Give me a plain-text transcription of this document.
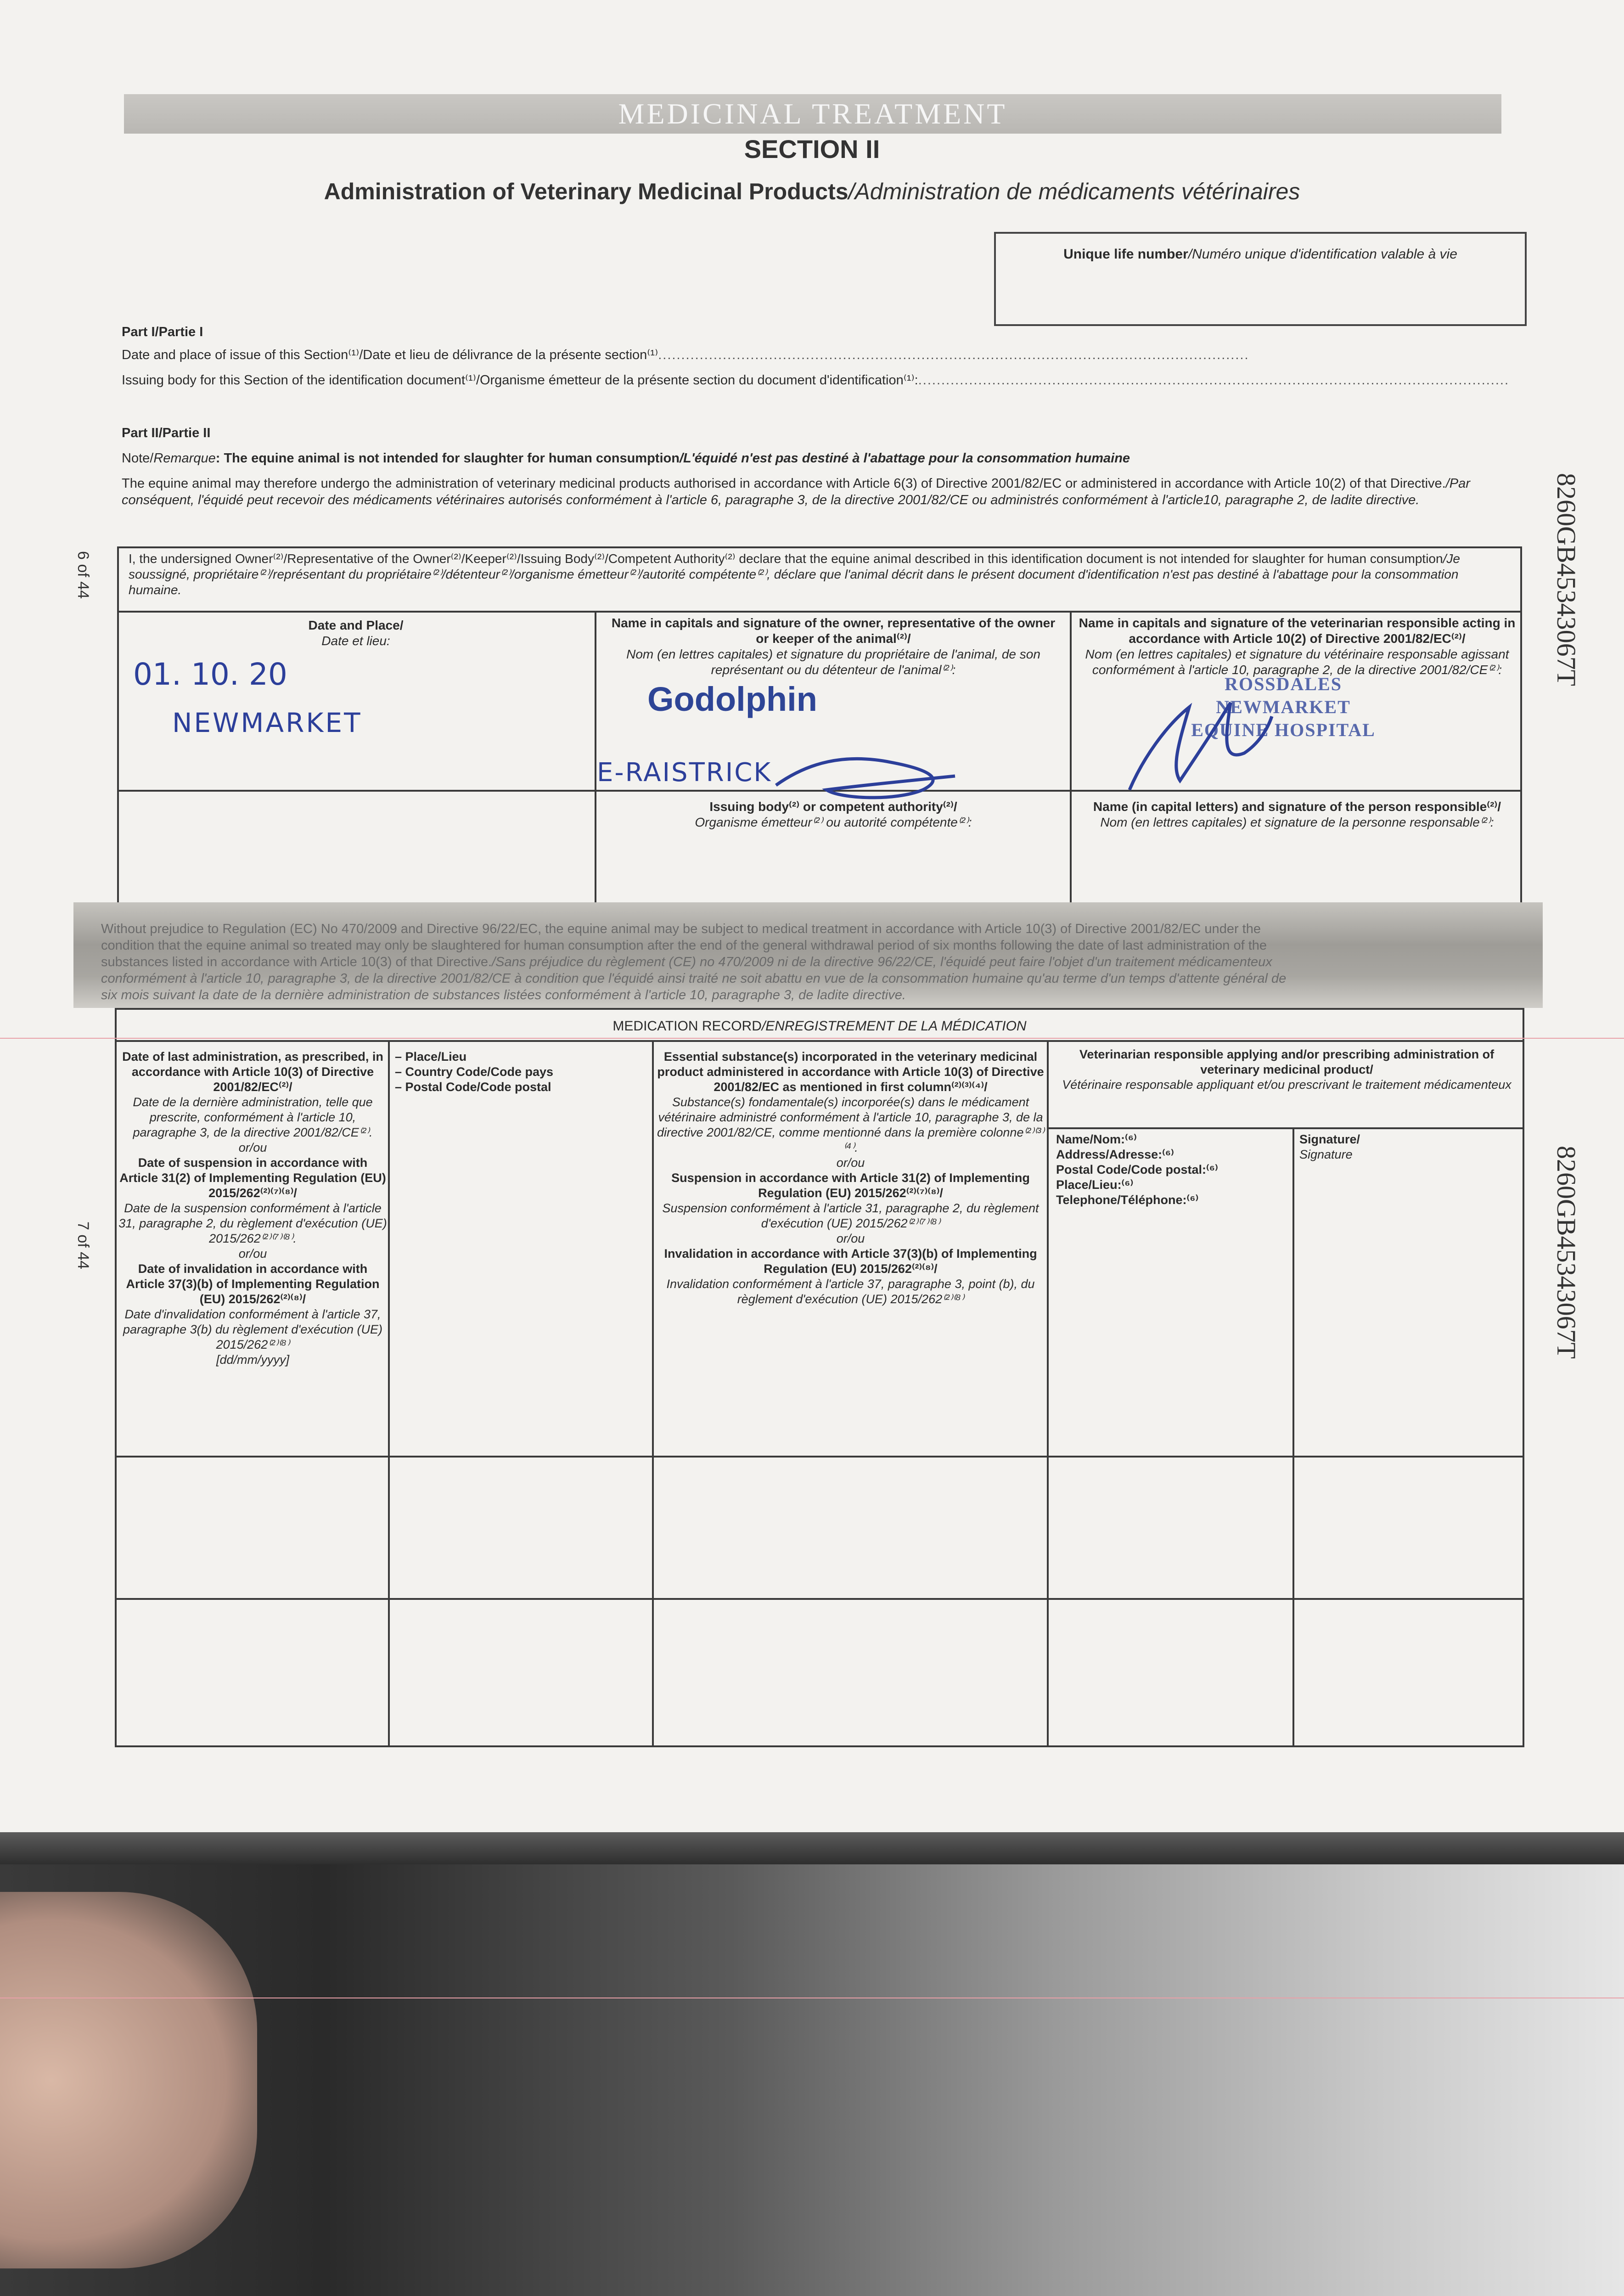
MEDICINAL TREATMENT
SECTION II
Administration of Veterinary Medicinal Products/Administration de médicaments vétérinaires
Unique life number/Numéro unique d'identification valable à vie
Part I/Partie I
Date and place of issue of this Section⁽¹⁾/Date et lieu de délivrance de la présente section⁽¹⁾................................................................................................................................
Issuing body for this Section of the identification document⁽¹⁾/Organisme émetteur de la présente section du document d'identification⁽¹⁾:................................................................................................................................
Part II/Partie II
Note/Remarque: The equine animal is not intended for slaughter for human consumption/L'équidé n'est pas destiné à l'abattage pour la consommation humaine
The equine animal may therefore undergo the administration of veterinary medicinal products authorised in accordance with Article 6(3) of Directive 2001/82/EC or administered in accordance with Article 10(2) of that Directive./Par conséquent, l'équidé peut recevoir des médicaments vétérinaires autorisés conformément à l'article 6, paragraphe 3, de la directive 2001/82/CE ou administrés conformément à l'article10, paragraphe 2, de ladite directive.
I, the undersigned Owner⁽²⁾/Representative of the Owner⁽²⁾/Keeper⁽²⁾/Issuing Body⁽²⁾/Competent Authority⁽²⁾ declare that the equine animal described in this identification document is not intended for slaughter for human consumption/Je soussigné, propriétaire⁽²⁾/représentant du propriétaire⁽²⁾/détenteur⁽²⁾/organisme émetteur⁽²⁾/autorité compétente⁽²⁾, déclare que l'animal décrit dans le présent document d'identification n'est pas destiné à l'abattage pour la consommation humaine.
Date and Place/
Date et lieu:
Name in capitals and signature of the owner, representative of the owner or keeper of the animal⁽²⁾/
Nom (en lettres capitales) et signature du propriétaire de l'animal, de son représentant ou du détenteur de l'animal⁽²⁾:
Name in capitals and signature of the veterinarian responsible acting in accordance with Article 10(2) of Directive 2001/82/EC⁽²⁾/
Nom (en lettres capitales) et signature du vétérinaire responsable agissant conformément à l'article 10, paragraphe 2, de la directive 2001/82/CE⁽²⁾:
Issuing body⁽²⁾ or competent authority⁽²⁾/
Organisme émetteur⁽²⁾ ou autorité compétente⁽²⁾:
Name (in capital letters) and signature of the person responsible⁽²⁾/
Nom (en lettres capitales) et signature de la personne responsable⁽²⁾:
01. 10. 20
NEWMARKET
Godolphin
E-RAISTRICK
ROSSDALES
NEWMARKET
EQUINE HOSPITAL
Without prejudice to Regulation (EC) No 470/2009 and Directive 96/22/EC, the equine animal may be subject to medical treatment in accordance with Article 10(3) of Directive 2001/82/EC under the
condition that the equine animal so treated may only be slaughtered for human consumption after the end of the general withdrawal period of six months following the date of last administration of the
substances listed in accordance with Article 10(3) of that Directive./Sans préjudice du règlement (CE) no 470/2009 ni de la directive 96/22/CE, l'équidé peut faire l'objet d'un traitement médicamenteux
conformément à l'article 10, paragraphe 3, de la directive 2001/82/CE à condition que l'équidé ainsi traité ne soit abattu en vue de la consommation humaine qu'au terme d'un temps d'attente général de
six mois suivant la date de la dernière administration de substances listées conformément à l'article 10, paragraphe 3, de ladite directive.
MEDICATION RECORD/ENREGISTREMENT DE LA MÉDICATION
Date of last administration, as prescribed, in accordance with Article 10(3) of Directive 2001/82/EC⁽²⁾/
Date de la dernière administration, telle que prescrite, conformément à l'article 10, paragraphe 3, de la directive 2001/82/CE⁽²⁾.
or/ou
Date of suspension in accordance with Article 31(2) of Implementing Regulation (EU) 2015/262⁽²⁾⁽⁷⁾⁽⁸⁾/
Date de la suspension conformément à l'article 31, paragraphe 2, du règlement d'exécution (UE) 2015/262⁽²⁾⁽⁷⁾⁽⁸⁾.
or/ou
Date of invalidation in accordance with Article 37(3)(b) of Implementing Regulation (EU) 2015/262⁽²⁾⁽⁸⁾/
Date d'invalidation conformément à l'article 37, paragraphe 3(b) du règlement d'exécution (UE) 2015/262⁽²⁾⁽⁸⁾
[dd/mm/yyyy]
– Place/Lieu
– Country Code/Code pays
– Postal Code/Code postal
Essential substance(s) incorporated in the veterinary medicinal product administered in accordance with Article 10(3) of Directive 2001/82/EC as mentioned in first column⁽²⁾⁽³⁾⁽⁴⁾/
Substance(s) fondamentale(s) incorporée(s) dans le médicament vétérinaire administré conformément à l'article 10, paragraphe 3, de la directive 2001/82/CE, comme mentionné dans la première colonne⁽²⁾⁽³⁾⁽⁴⁾.
or/ou
Suspension in accordance with Article 31(2) of Implementing Regulation (EU) 2015/262⁽²⁾⁽⁷⁾⁽⁸⁾/
Suspension conformément à l'article 31, paragraphe 2, du règlement d'exécution (UE) 2015/262⁽²⁾⁽⁷⁾⁽⁸⁾
or/ou
Invalidation in accordance with Article 37(3)(b) of Implementing Regulation (EU) 2015/262⁽²⁾⁽⁸⁾/
Invalidation conformément à l'article 37, paragraphe 3, point (b), du règlement d'exécution (UE) 2015/262⁽²⁾⁽⁸⁾
Veterinarian responsible applying and/or prescribing administration of veterinary medicinal product/
Vétérinaire responsable appliquant et/ou prescrivant le traitement médicamenteux
Name/Nom:⁽⁶⁾
Address/Adresse:⁽⁶⁾
Postal Code/Code postal:⁽⁶⁾
Place/Lieu:⁽⁶⁾
Telephone/Téléphone:⁽⁶⁾
Signature/
Signature
8260GB45343067T
8260GB45343067T
6 of 44
7 of 44
